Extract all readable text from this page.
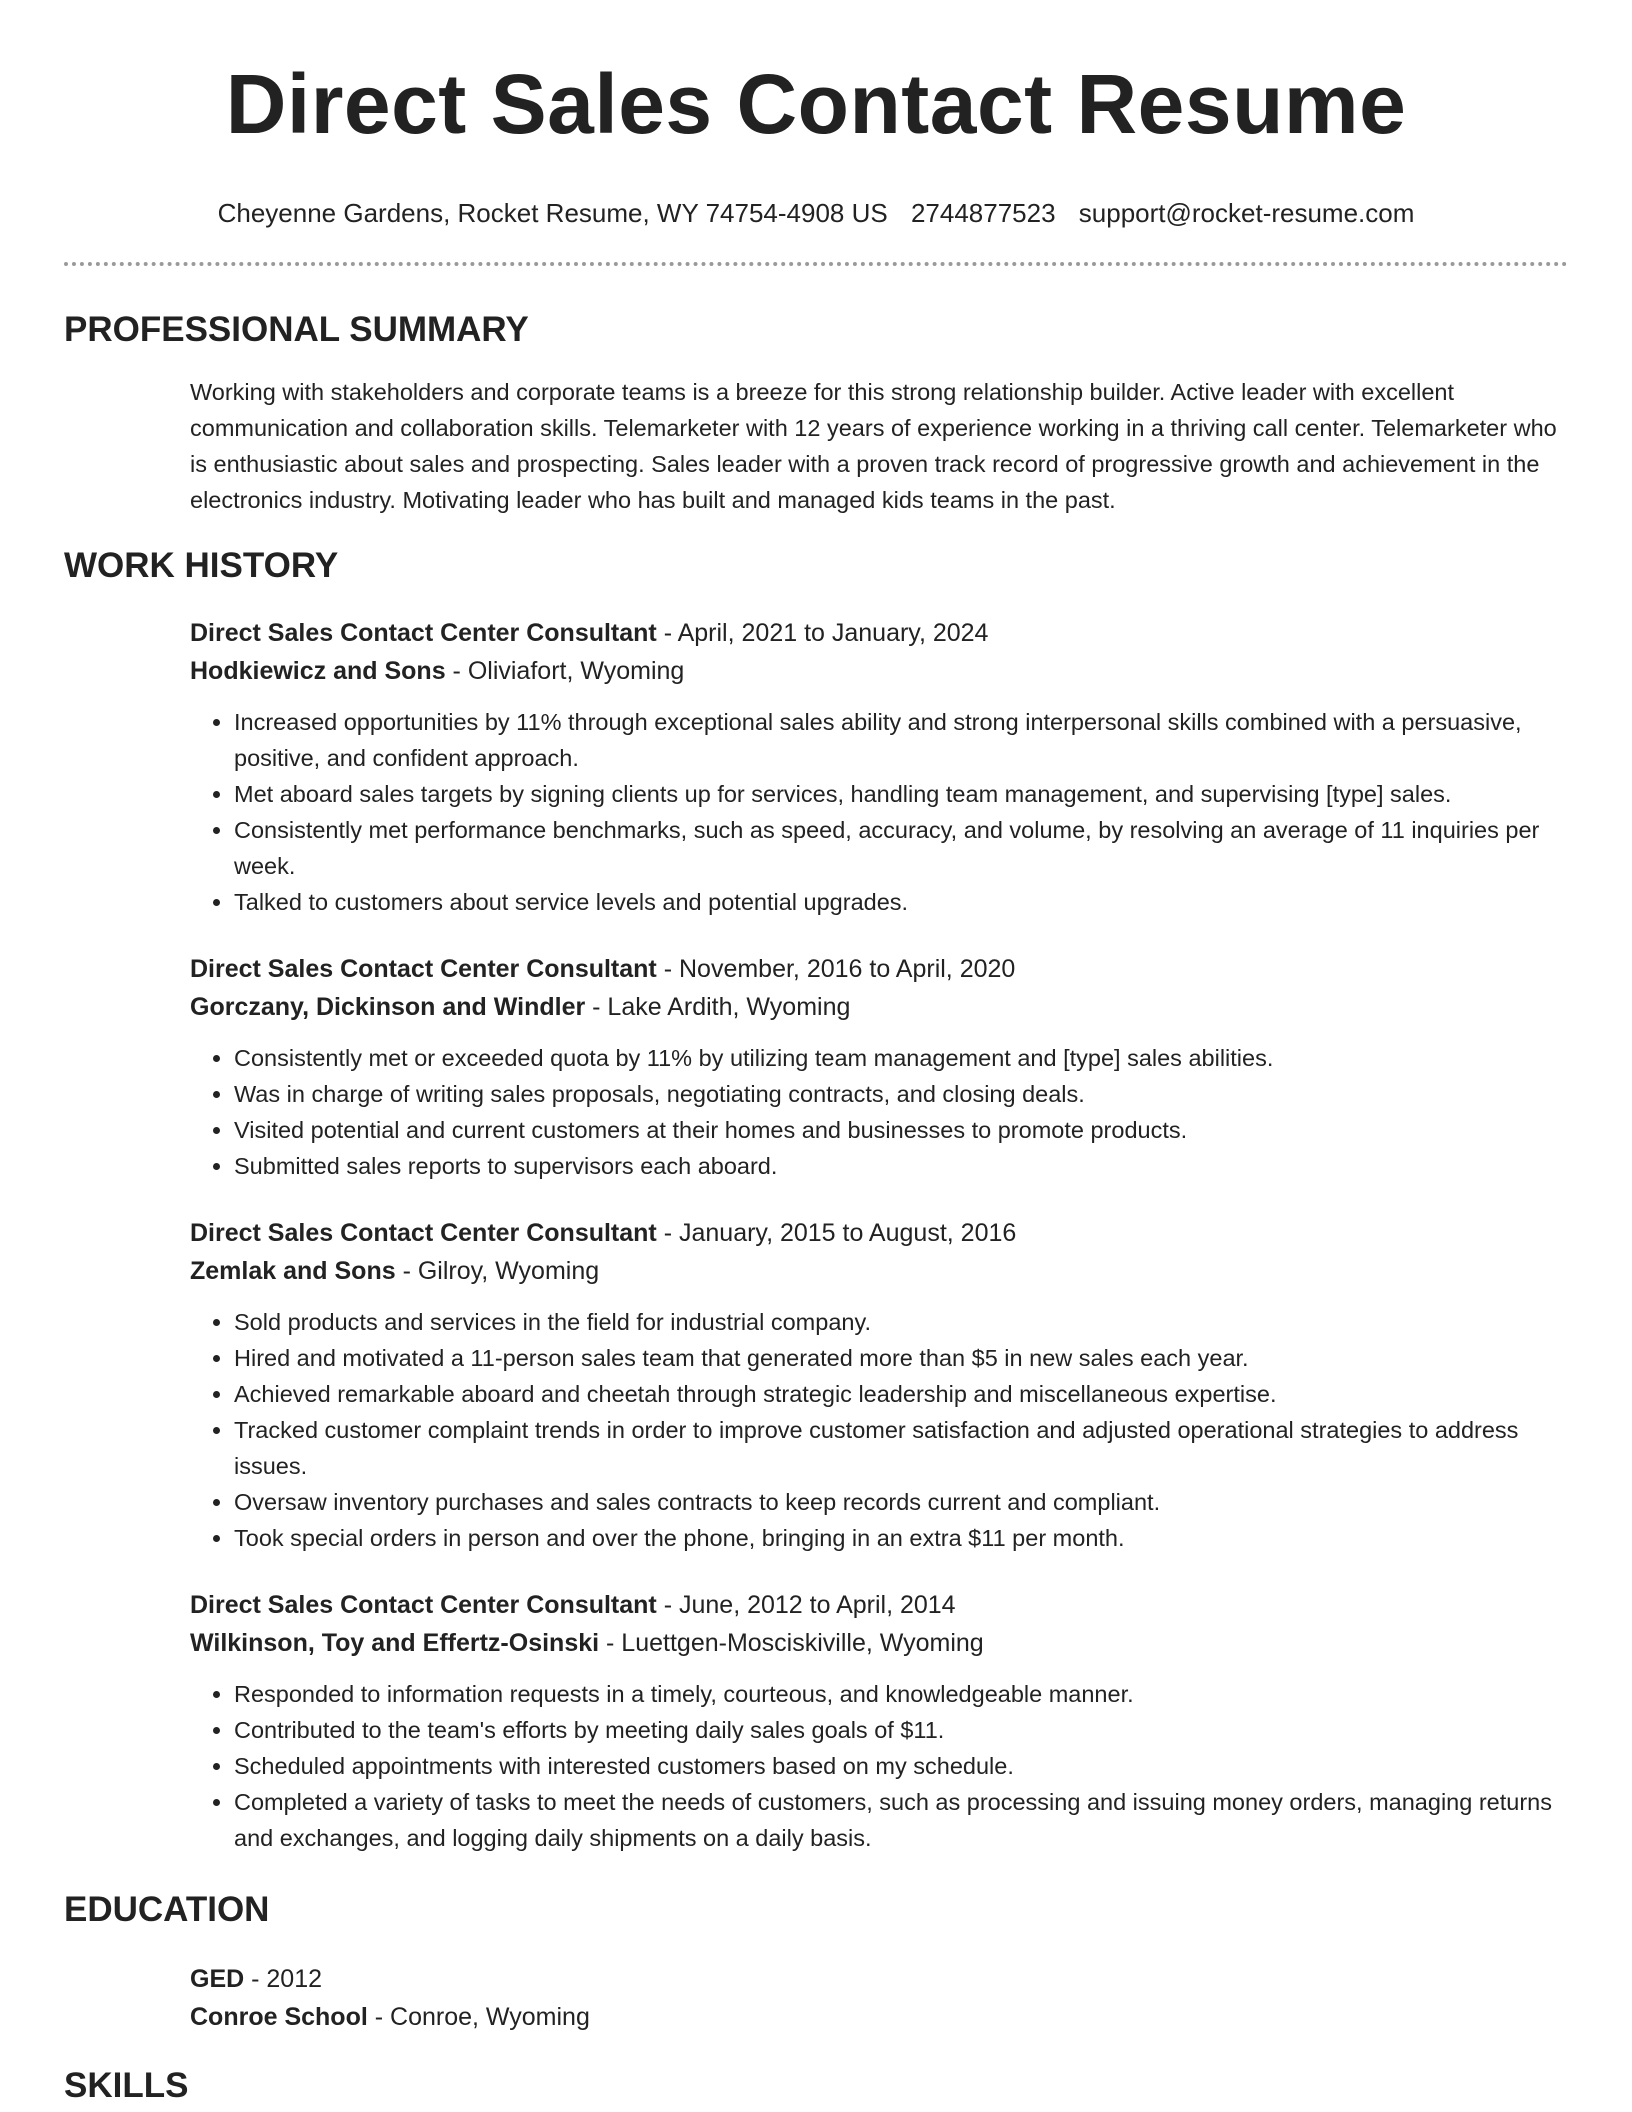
Direct Sales Contact Resume
Cheyenne Gardens, Rocket Resume, WY 74754-4908 US 2744877523 support@rocket-resume.com
PROFESSIONAL SUMMARY

Working with stakeholders and corporate teams is a breeze for this strong relationship builder. Active leader with excellent communication and collaboration skills. Telemarketer with 12 years of experience working in a thriving call center. Telemarketer who is enthusiastic about sales and prospecting. Sales leader with a proven track record of progressive growth and achievement in the electronics industry. Motivating leader who has built and managed kids teams in the past.

WORK HISTORY
Direct Sales Contact Center Consultant - April, 2021 to January, 2024
Hodkiewicz and Sons - Oliviafort, Wyoming
• Increased opportunities by 11% through exceptional sales ability and strong interpersonal skills combined with a persuasive, positive, and confident approach.
• Met aboard sales targets by signing clients up for services, handling team management, and supervising [type] sales.
• Consistently met performance benchmarks, such as speed, accuracy, and volume, by resolving an average of 11 inquiries per week.
• Talked to customers about service levels and potential upgrades.
Direct Sales Contact Center Consultant - November, 2016 to April, 2020
Gorczany, Dickinson and Windler - Lake Ardith, Wyoming
• Consistently met or exceeded quota by 11% by utilizing team management and [type] sales abilities.
• Was in charge of writing sales proposals, negotiating contracts, and closing deals.
• Visited potential and current customers at their homes and businesses to promote products.
• Submitted sales reports to supervisors each aboard.
Direct Sales Contact Center Consultant - January, 2015 to August, 2016
Zemlak and Sons - Gilroy, Wyoming
• Sold products and services in the field for industrial company.
• Hired and motivated a 11-person sales team that generated more than $5 in new sales each year.
• Achieved remarkable aboard and cheetah through strategic leadership and miscellaneous expertise.
• Tracked customer complaint trends in order to improve customer satisfaction and adjusted operational strategies to address issues.
• Oversaw inventory purchases and sales contracts to keep records current and compliant.
• Took special orders in person and over the phone, bringing in an extra $11 per month.
Direct Sales Contact Center Consultant - June, 2012 to April, 2014
Wilkinson, Toy and Effertz-Osinski - Luettgen-Mosciskiville, Wyoming
• Responded to information requests in a timely, courteous, and knowledgeable manner.
• Contributed to the team's efforts by meeting daily sales goals of $11.
• Scheduled appointments with interested customers based on my schedule.
• Completed a variety of tasks to meet the needs of customers, such as processing and issuing money orders, managing returns and exchanges, and logging daily shipments on a daily basis.
EDUCATION
GED - 2012
Conroe School - Conroe, Wyoming
SKILLS
